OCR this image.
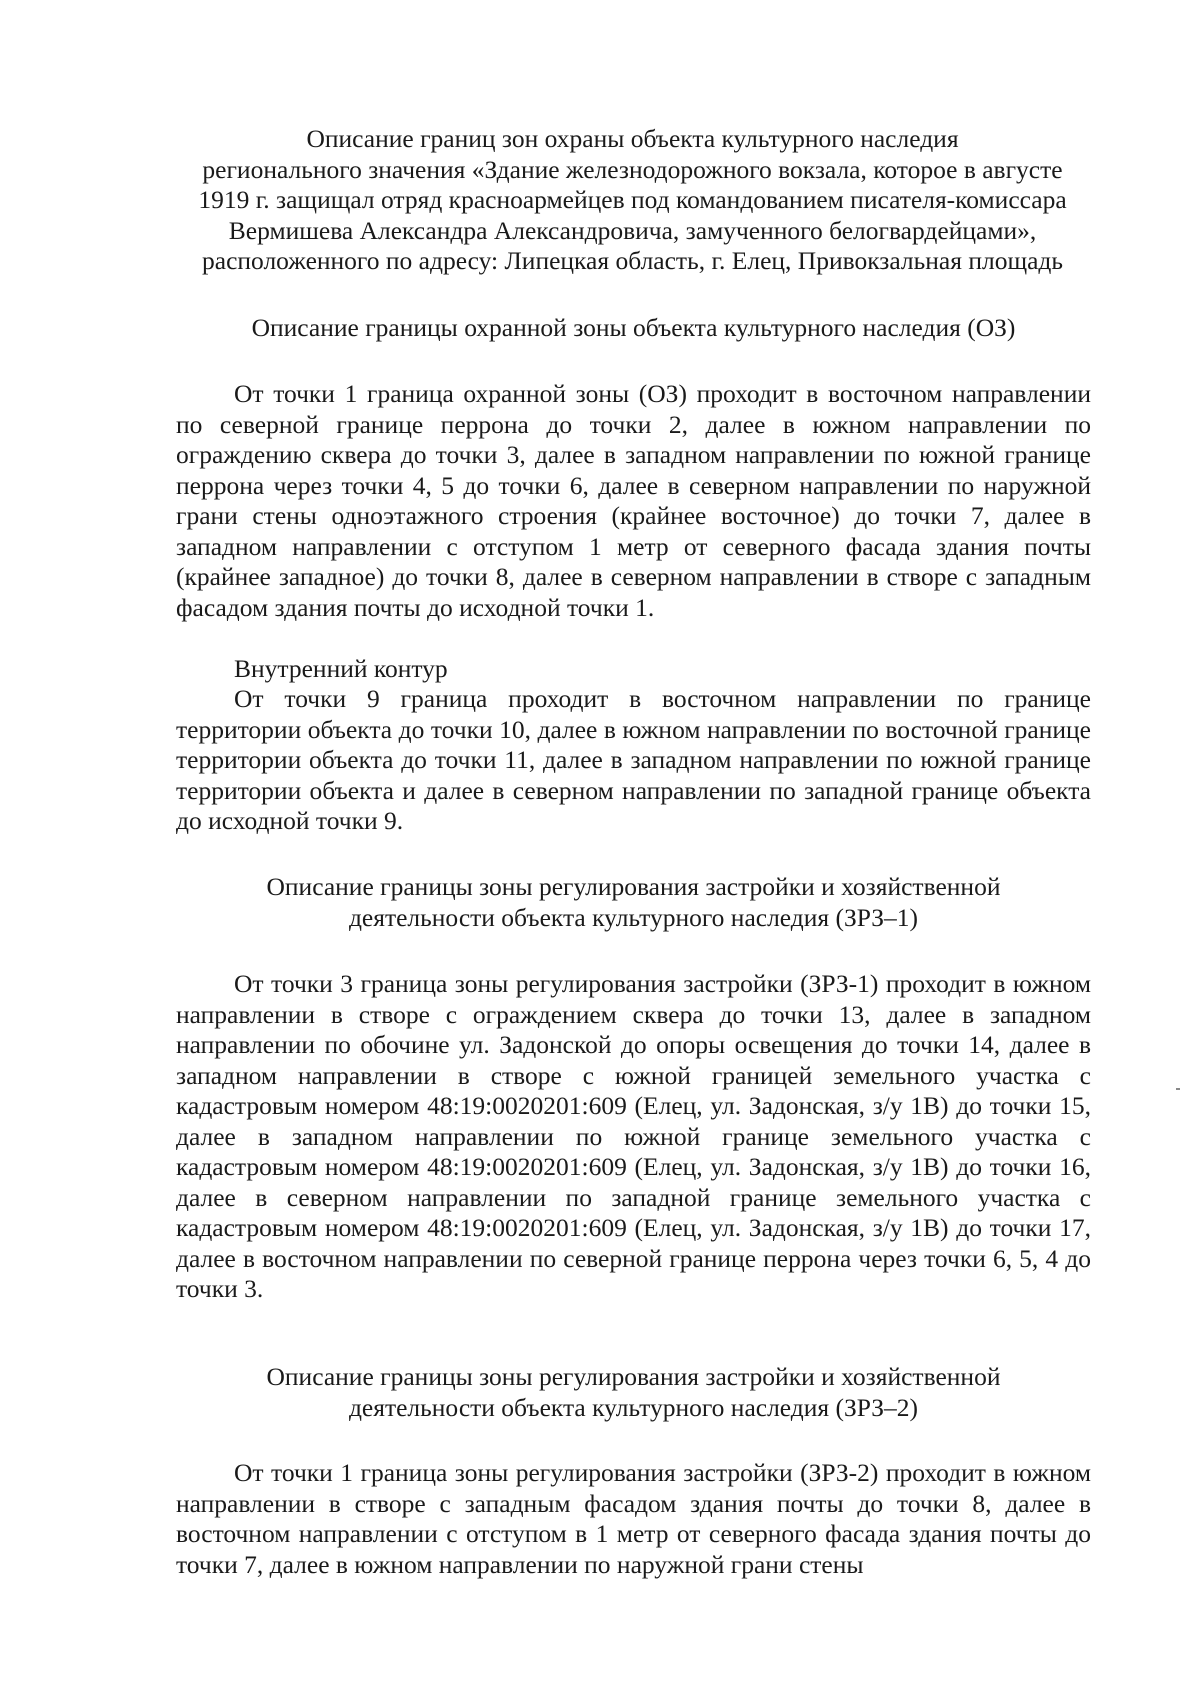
Описание границ зон охраны объекта культурного наследия
регионального значения «Здание железнодорожного вокзала, которое в августе
1919 г. защищал отряд красноармейцев под командованием писателя-комиссара
Вермишева Александра Александровича, замученного белогвардейцами»,
расположенного по адресу: Липецкая область, г. Елец, Привокзальная площадь
Описание границы охранной зоны объекта культурного наследия (ОЗ)

От точки 1 граница охранной зоны (ОЗ) проходит в восточном направлении по северной границе перрона до точки 2, далее в южном направлении по ограждению сквера до точки 3, далее в западном направлении по южной границе перрона через точки 4, 5 до точки 6, далее в северном направлении по наружной грани стены одноэтажного строения (крайнее восточное) до точки 7, далее в западном направлении с отступом 1 метр от северного фасада здания почты (крайнее западное) до точки 8, далее в северном направлении в створе с западным фасадом здания почты до исходной точки 1.

Внутренний контур

От точки 9 граница проходит в восточном направлении по границе территории объекта до точки 10, далее в южном направлении по восточной границе территории объекта до точки 11, далее в западном направлении по южной границе территории объекта и далее в северном направлении по западной границе объекта до исходной точки 9.

Описание границы зоны регулирования застройки и хозяйственной
деятельности объекта культурного наследия (ЗРЗ–1)

От точки 3 граница зоны регулирования застройки (ЗРЗ-1) проходит в южном направлении в створе с ограждением сквера до точки 13, далее в западном направлении по обочине ул. Задонской до опоры освещения до точки 14, далее в западном направлении в створе с южной границей земельного участка с кадастровым номером 48:19:0020201:609 (Елец, ул. Задонская, з/у 1В) до точки 15, далее в западном направлении по южной границе земельного участка с кадастровым номером 48:19:0020201:609 (Елец, ул. Задонская, з/у 1В) до точки 16, далее в северном направлении по западной границе земельного участка с кадастровым номером 48:19:0020201:609 (Елец, ул. Задонская, з/у 1В) до точки 17, далее в восточном направлении по северной границе перрона через точки 6, 5, 4 до точки 3.

Описание границы зоны регулирования застройки и хозяйственной
деятельности объекта культурного наследия (ЗРЗ–2)

От точки 1 граница зоны регулирования застройки (ЗРЗ-2) проходит в южном направлении в створе с западным фасадом здания почты до точки 8, далее в восточном направлении с отступом в 1 метр от северного фасада здания почты до точки 7, далее в южном направлении по наружной грани стены
